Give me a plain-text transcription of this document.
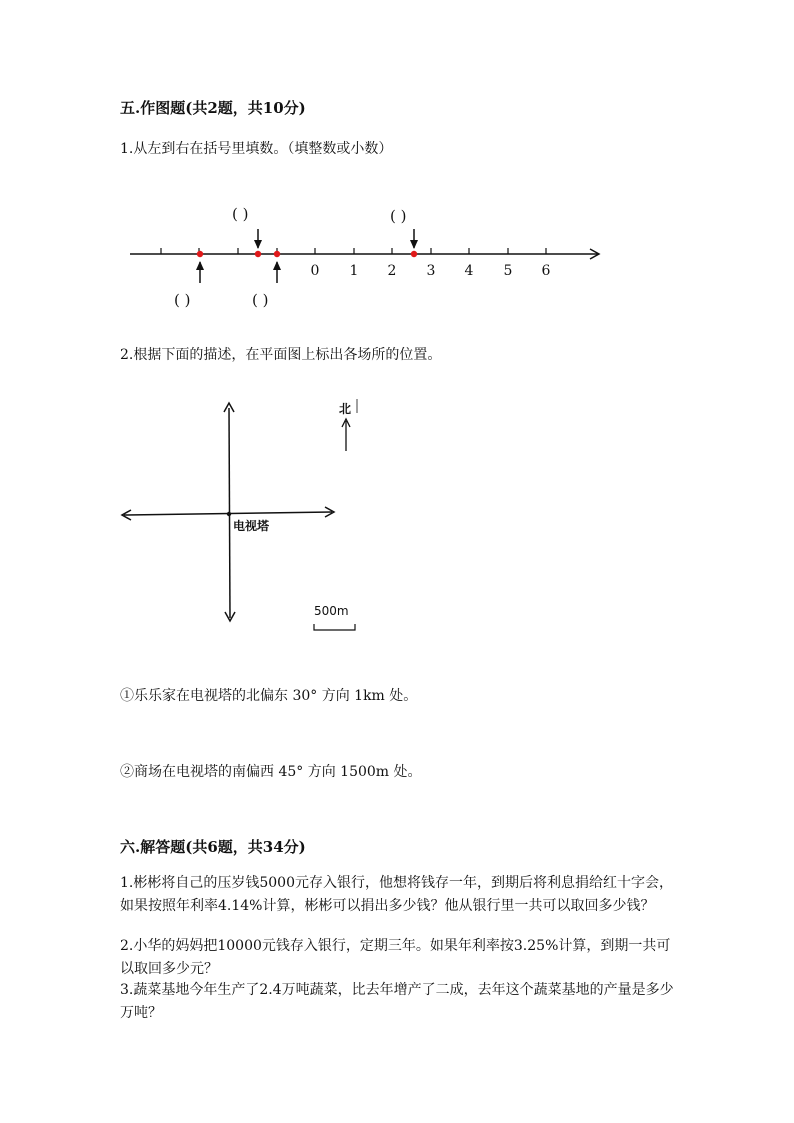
五.作图题(共2题，共10分)
1.从左到右在括号里填数。（填整数或小数）
0 1 2 3 4 5 6
( )	( )
( )	( )
北
电视塔
500m
2.根据下面的描述，在平面图上标出各场所的位置。
①乐乐家在电视塔的北偏东 30° 方向 1km 处。
②商场在电视塔的南偏西 45° 方向 1500m 处。
六.解答题(共6题，共34分)
1.彬彬将自己的压岁钱5000元存入银行，他想将钱存一年，到期后将利息捐给红十字会，如果按照年利率4.14%计算，彬彬可以捐出多少钱？他从银行里一共可以取回多少钱？
2.小华的妈妈把10000元钱存入银行，定期三年。如果年利率按3.25%计算，到期一共可以取回多少元？
3.蔬菜基地今年生产了2.4万吨蔬菜，比去年增产了二成，去年这个蔬菜基地的产量是多少万吨？
